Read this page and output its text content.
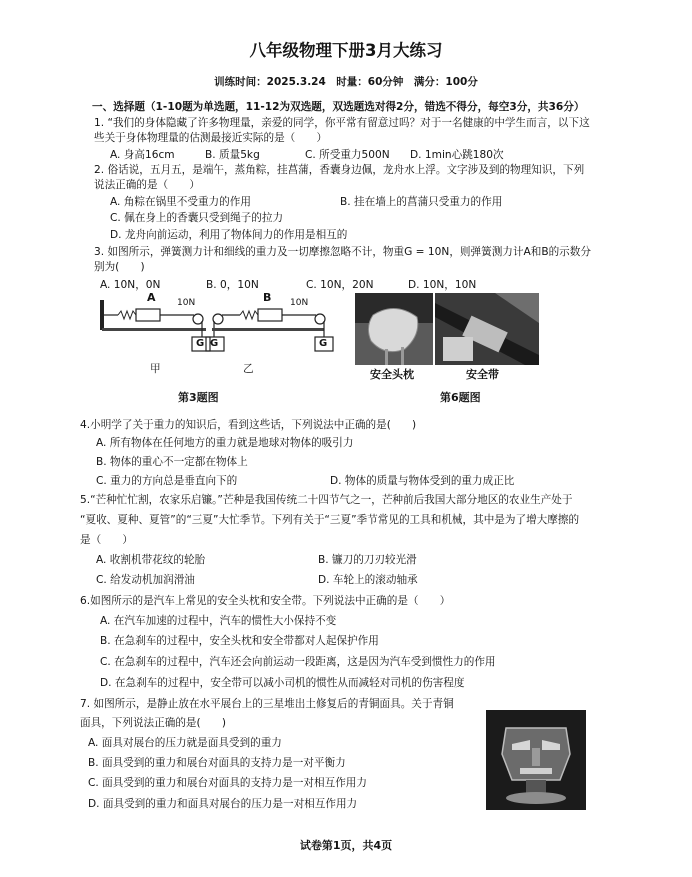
八年级物理下册3月大练习
训练时间：2025.3.24　时量：60分钟　满分：100分
一、选择题（1-10题为单选题，11-12为双选题，双选题选对得2分，错选不得分，每空3分，共36分）
1. “我们的身体隐藏了许多物理量，亲爱的同学，你平常有留意过吗？对于一名健康的中学生而言，以下这
些关于身体物理量的估测最接近实际的是（　　）
A. 身高16cm	B. 质量5kg	C. 所受重力500N D. 1min心跳180次
2. 俗话说，五月五，是端午，蒸角粽，挂菖蒲，香囊身边佩，龙舟水上浮。文字涉及到的物理知识，下列
说法正确的是（　　）
A. 角粽在锅里不受重力的作用	B. 挂在墙上的菖蒲只受重力的作用
C. 佩在身上的香囊只受到绳子的拉力
D. 龙舟向前运动，利用了物体间力的作用是相互的
3. 如图所示，弹簧测力计和细线的重力及一切摩擦忽略不计，物重G = 10N，则弹簧测力计A和B的示数分
别为(　　)
A. 10N，0N	B. 0，10N	C. 10N，20N	D. 10N，10N
A	B
10N	10N
G G	G
甲	乙
第3题图
安全头枕	安全带
第6题图
4.小明学了关于重力的知识后，看到这些话，下列说法中正确的是(　　)
A. 所有物体在任何地方的重力就是地球对物体的吸引力
B. 物体的重心不一定都在物体上
C. 重力的方向总是垂直向下的	D. 物体的质量与物体受到的重力成正比
5.“芒种忙忙割，农家乐启镰。”芒种是我国传统二十四节气之一，芒种前后我国大部分地区的农业生产处于
“夏收、夏种、夏管”的“三夏”大忙季节。下列有关于“三夏”季节常见的工具和机械，其中是为了增大摩擦的
是（　　）
A. 收割机带花纹的轮胎	B. 镰刀的刀刃较光滑
C. 给发动机加润滑油	D. 车轮上的滚动轴承
6.如图所示的是汽车上常见的安全头枕和安全带。下列说法中正确的是（　　）
A. 在汽车加速的过程中，汽车的惯性大小保持不变
B. 在急刹车的过程中，安全头枕和安全带都对人起保护作用
C. 在急刹车的过程中，汽车还会向前运动一段距离，这是因为汽车受到惯性力的作用
D. 在急刹车的过程中，安全带可以减小司机的惯性从而减轻对司机的伤害程度
7. 如图所示，是静止放在水平展台上的三星堆出土修复后的青铜面具。关于青铜
面具，下列说法正确的是(　　)
A. 面具对展台的压力就是面具受到的重力
B. 面具受到的重力和展台对面具的支持力是一对平衡力
C. 面具受到的重力和展台对面具的支持力是一对相互作用力
D. 面具受到的重力和面具对展台的压力是一对相互作用力
试卷第1页，共4页
